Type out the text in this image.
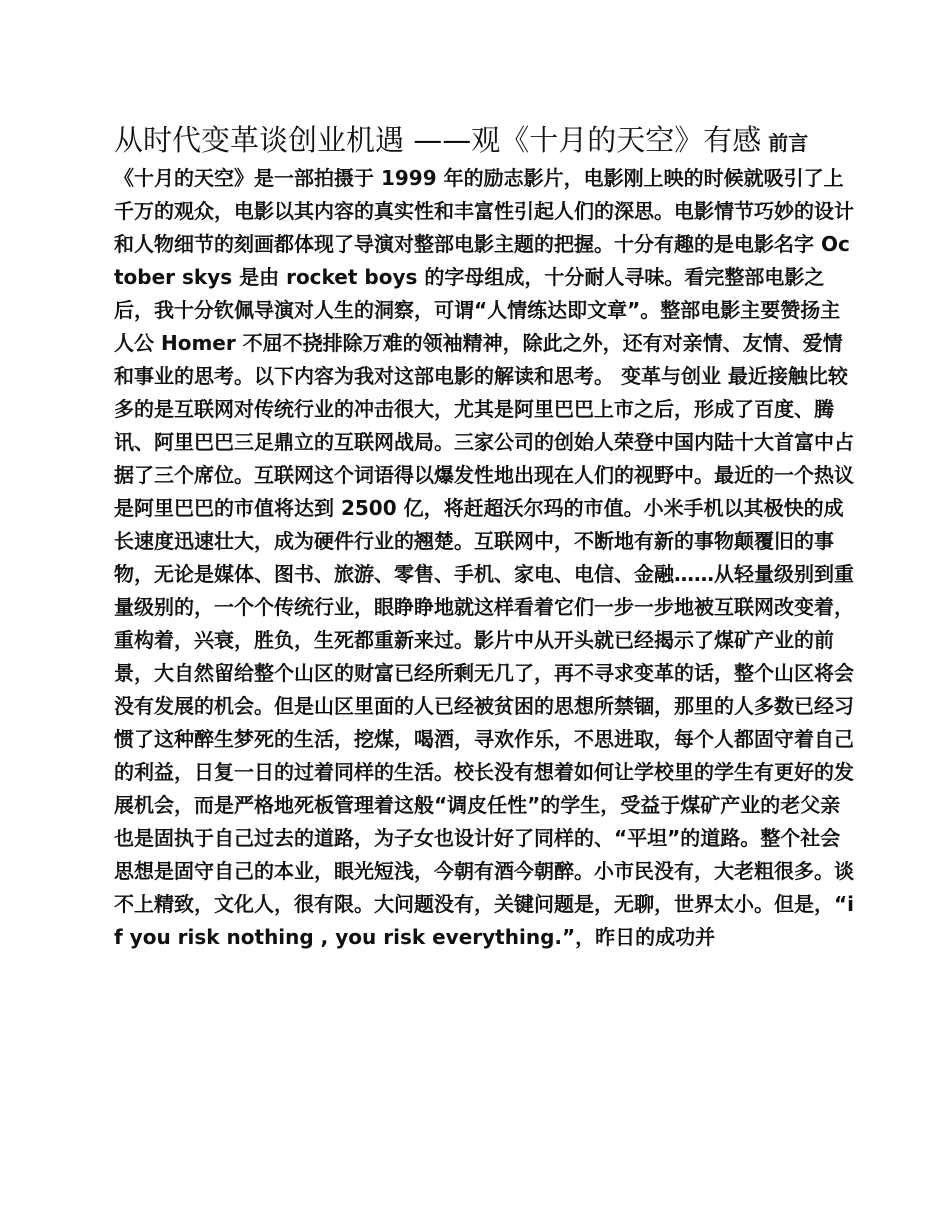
从时代变革谈创业机遇 ——观《十月的天空》有感 前言 《十月的天空》是一部拍摄于 1999 年的励志影片，电影刚上映的时候就吸引了上千万的观众，电影以其内容的真实性和丰富性引起人们的深思。电影情节巧妙的设计和人物细节的刻画都体现了导演对整部电影主题的把握。十分有趣的是电影名字 October skys 是由 rocket boys 的字母组成，十分耐人寻味。看完整部电影之后，我十分钦佩导演对人生的洞察，可谓“人情练达即文章”。整部电影主要赞扬主人公 Homer 不屈不挠排除万难的领袖精神，除此之外，还有对亲情、友情、爱情和事业的思考。以下内容为我对这部电影的解读和思考。 变革与创业 最近接触比较多的是互联网对传统行业的冲击很大，尤其是阿里巴巴上市之后，形成了百度、腾讯、阿里巴巴三足鼎立的互联网战局。三家公司的创始人荣登中国内陆十大首富中占据了三个席位。互联网这个词语得以爆发性地出现在人们的视野中。最近的一个热议是阿里巴巴的市值将达到 2500 亿，将赶超沃尔玛的市值。小米手机以其极快的成长速度迅速壮大，成为硬件行业的翘楚。互联网中，不断地有新的事物颠覆旧的事物，无论是媒体、图书、旅游、零售、手机、家电、电信、金融……从轻量级别到重量级别的，一个个传统行业，眼睁睁地就这样看着它们一步一步地被互联网改变着，重构着，兴衰，胜负，生死都重新来过。影片中从开头就已经揭示了煤矿产业的前景，大自然留给整个山区的财富已经所剩无几了，再不寻求变革的话，整个山区将会没有发展的机会。但是山区里面的人已经被贫困的思想所禁锢，那里的人多数已经习惯了这种醉生梦死的生活，挖煤，喝酒，寻欢作乐，不思进取，每个人都固守着自己的利益，日复一日的过着同样的生活。校长没有想着如何让学校里的学生有更好的发展机会，而是严格地死板管理着这般“调皮任性”的学生，受益于煤矿产业的老父亲也是固执于自己过去的道路，为子女也设计好了同样的、“平坦”的道路。整个社会思想是固守自己的本业，眼光短浅，今朝有酒今朝醉。小市民没有，大老粗很多。谈不上精致，文化人，很有限。大问题没有，关键问题是，无聊，世界太小。但是，“if you risk nothing , you risk everything.”，昨日的成功并
